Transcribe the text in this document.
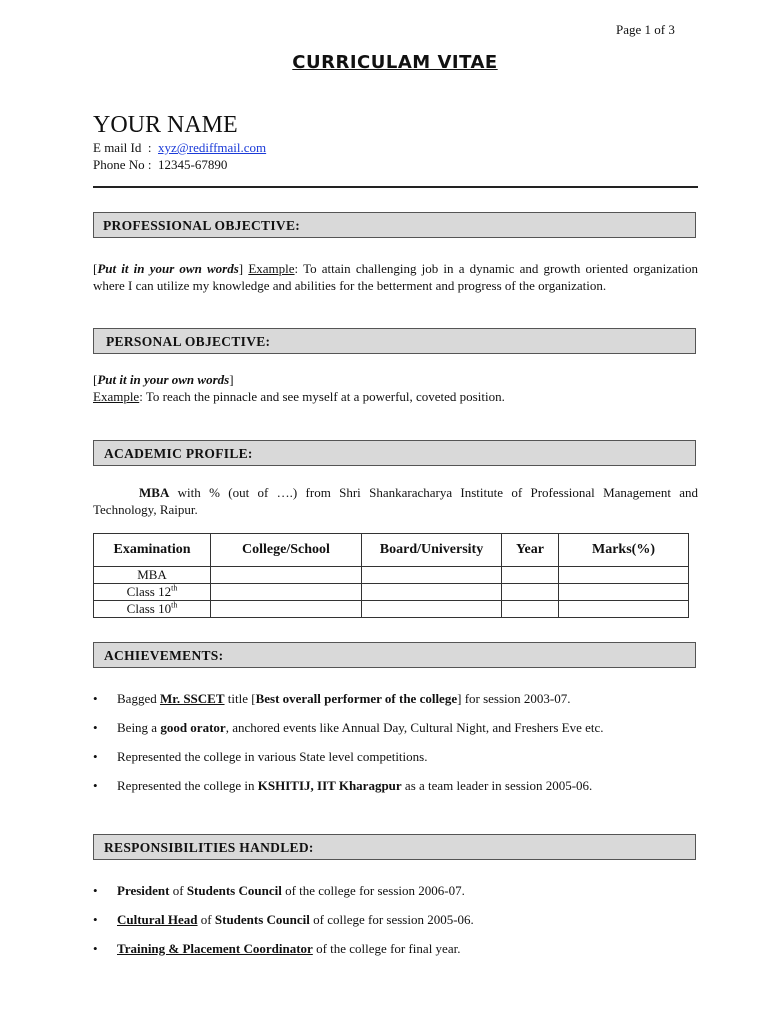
Page 1 of 3
CURRICULAM VITAE
YOUR NAME
E mail Id : xyz@rediffmail.com
Phone No : 12345-67890
PROFESSIONAL OBJECTIVE:
[Put it in your own words] Example: To attain challenging job in a dynamic and growth oriented organization where I can utilize my knowledge and abilities for the betterment and progress of the organization.
PERSONAL OBJECTIVE:
[Put it in your own words]
Example: To reach the pinnacle and see myself at a powerful, coveted position.
ACADEMIC PROFILE:
MBA with % (out of ….) from Shri Shankaracharya Institute of Professional Management and Technology, Raipur.
Examination	College/School	Board/University	Year	Marks(%)
MBA				
Class 12th				
Class 10th				
ACHIEVEMENTS:
• Bagged Mr. SSCET title [Best overall performer of the college] for session 2003-07.
• Being a good orator, anchored events like Annual Day, Cultural Night, and Freshers Eve etc.
• Represented the college in various State level competitions.
• Represented the college in KSHITIJ, IIT Kharagpur as a team leader in session 2005-06.
RESPONSIBILITIES HANDLED:
• President of Students Council of the college for session 2006-07.
• Cultural Head of Students Council of college for session 2005-06.
• Training & Placement Coordinator of the college for final year.
